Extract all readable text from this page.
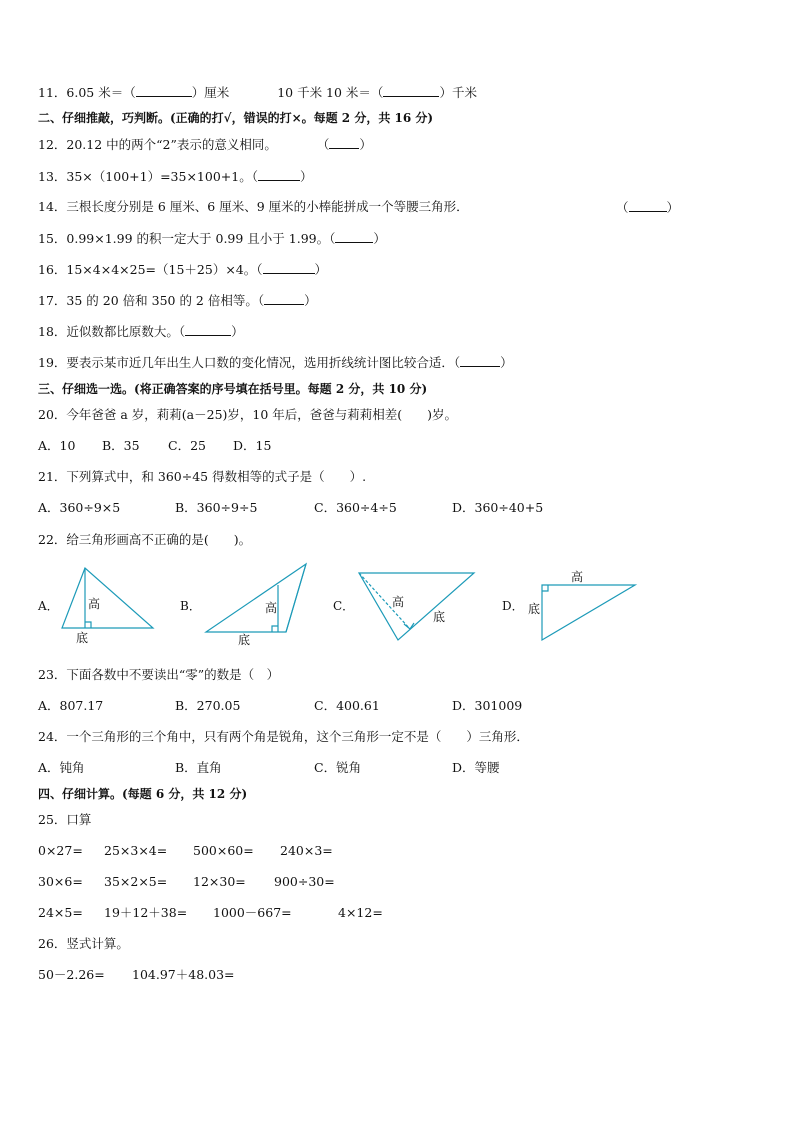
11．6.05 米＝（	）厘米	10 千米 10 米＝（	）千米
二、仔细推敲，巧判断。(正确的打√，错误的打×。每题 2 分，共 16 分)
12．20.12 中的两个“2”表示的意义相同。	（ ）
13．35×（100+1）=35×100+1。（	）
14．三根长度分别是 6 厘米、6 厘米、9 厘米的小棒能拼成一个等腰三角形．	（	）
15．0.99×1.99 的积一定大于 0.99 且小于 1.99。（	）
16．15×4×4×25=（15＋25）×4。（	）
17．35 的 20 倍和 350 的 2 倍相等。（	）
18．近似数都比原数大。（	）
19．要表示某市近几年出生人口数的变化情况，选用折线统计图比较合适．（	）
三、仔细选一选。(将正确答案的序号填在括号里。每题 2 分，共 10 分)
20．今年爸爸 a 岁，莉莉(a－25)岁，10 年后，爸爸与莉莉相差(　　)岁。
A．10 B．35 C．25 D．15
21．下列算式中，和 360÷45 得数相等的式子是（　　）.
A．360÷9×5	B．360÷9÷5	C．360÷4÷5	D．360÷40+5
22．给三角形画高不正确的是(　　)。
A．	B．	C．	D．
高
底
高
底
高
底
高
底
23．下面各数中不要读出“零”的数是（　）
A．807.17	B．270.05	C．400.61	D．301009
24．一个三角形的三个角中，只有两个角是锐角，这个三角形一定不是（　　）三角形．
A．钝角	B．直角	C．锐角	D．等腰
四、仔细计算。(每题 6 分，共 12 分)
25．口算
0×27= 25×3×4= 500×60= 240×3=
30×6= 35×2×5= 12×30= 900÷30=
24×5= 19＋12＋38= 1000－667=	4×12=
26．竖式计算。
50－2.26= 104.97＋48.03=
